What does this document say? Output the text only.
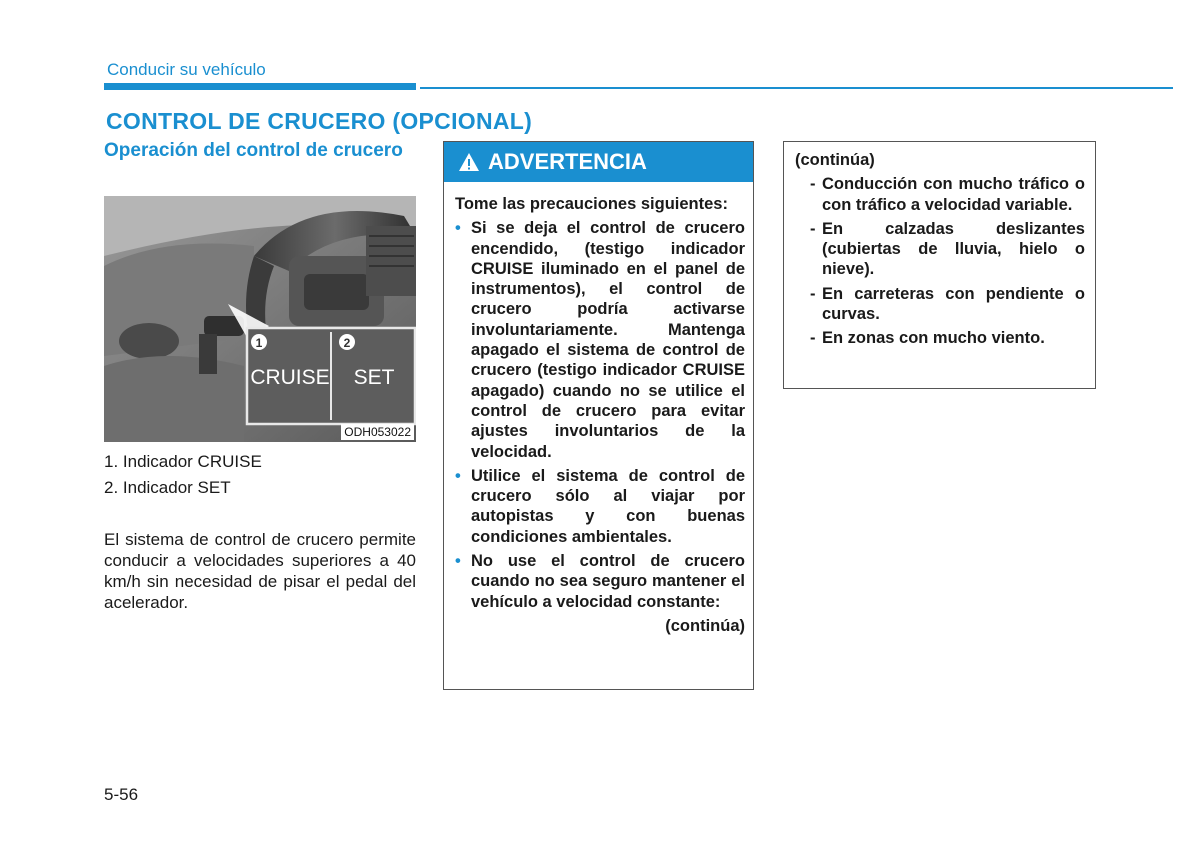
Conducir su vehículo
CONTROL DE CRUCERO (OPCIONAL)
Operación del control de crucero
1	2
CRUISE SET
ODH053022
1. Indicador CRUISE
2. Indicador SET
El sistema de control de crucero permite conducir a velocidades superiores a 40 km/h sin necesidad de pisar el pedal del acelerador.
ADVERTENCIA
Tome las precauciones siguientes:
• Si se deja el control de crucero encendido, (testigo indicador CRUISE iluminado en el panel de instrumentos), el control de crucero podría activarse involuntariamente. Mantenga apagado el sistema de control de crucero (testigo indicador CRUISE apagado) cuando no se utilice el control de crucero para evitar ajustes involuntarios de la velocidad.
• Utilice el sistema de control de crucero sólo al viajar por autopistas y con buenas condiciones ambientales.
• No use el control de crucero cuando no sea seguro mantener el vehículo a velocidad constante:
(continúa)
(continúa)
- Conducción con mucho tráfico o con tráfico a velocidad variable.
- En calzadas deslizantes (cubiertas de lluvia, hielo o nieve).
- En carreteras con pendiente o curvas.
- En zonas con mucho viento.
5-56
